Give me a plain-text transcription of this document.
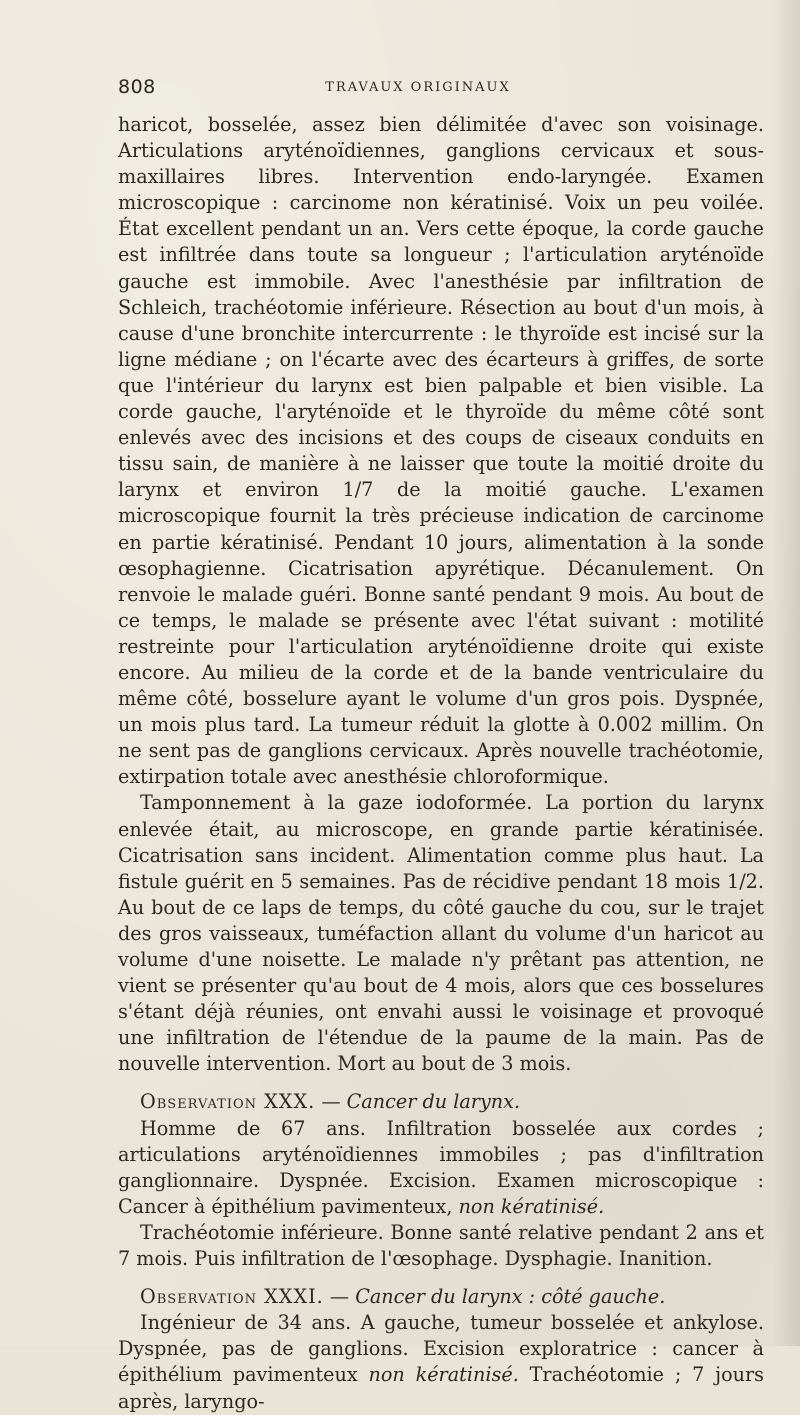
808	TRAVAUX ORIGINAUX

haricot, bosselée, assez bien délimitée d'avec son voisinage. Articulations aryténoïdiennes, ganglions cervicaux et sous-maxillaires libres. Intervention endo-laryngée. Examen microscopique : carcinome non kératinisé. Voix un peu voilée. État excellent pendant un an. Vers cette époque, la corde gauche est infiltrée dans toute sa longueur ; l'articulation aryténoïde gauche est immobile. Avec l'anesthésie par infiltration de Schleich, trachéotomie inférieure. Résection au bout d'un mois, à cause d'une bronchite intercurrente : le thyroïde est incisé sur la ligne médiane ; on l'écarte avec des écarteurs à griffes, de sorte que l'intérieur du larynx est bien palpable et bien visible. La corde gauche, l'aryténoïde et le thyroïde du même côté sont enlevés avec des incisions et des coups de ciseaux conduits en tissu sain, de manière à ne laisser que toute la moitié droite du larynx et environ 1/7 de la moitié gauche. L'examen microscopique fournit la très précieuse indication de carcinome en partie kératinisé. Pendant 10 jours, alimentation à la sonde œsophagienne. Cicatrisation apyrétique. Décanulement. On renvoie le malade guéri. Bonne santé pendant 9 mois. Au bout de ce temps, le malade se présente avec l'état suivant : motilité restreinte pour l'articulation aryténoïdienne droite qui existe encore. Au milieu de la corde et de la bande ventriculaire du même côté, bosselure ayant le volume d'un gros pois. Dyspnée, un mois plus tard. La tumeur réduit la glotte à 0.002 millim. On ne sent pas de ganglions cervicaux. Après nouvelle trachéotomie, extirpation totale avec anesthésie chloroformique.

Tamponnement à la gaze iodoformée. La portion du larynx enlevée était, au microscope, en grande partie kératinisée. Cicatrisation sans incident. Alimentation comme plus haut. La fistule guérit en 5 semaines. Pas de récidive pendant 18 mois 1/2. Au bout de ce laps de temps, du côté gauche du cou, sur le trajet des gros vaisseaux, tuméfaction allant du volume d'un haricot au volume d'une noisette. Le malade n'y prêtant pas attention, ne vient se présenter qu'au bout de 4 mois, alors que ces bosselures s'étant déjà réunies, ont envahi aussi le voisinage et provoqué une infiltration de l'étendue de la paume de la main. Pas de nouvelle intervention. Mort au bout de 3 mois.

Observation XXX. — Cancer du larynx.

Homme de 67 ans. Infiltration bosselée aux cordes ; articulations aryténoïdiennes immobiles ; pas d'infiltration ganglionnaire. Dyspnée. Excision. Examen microscopique : Cancer à épithélium pavimenteux, non kératinisé.

Trachéotomie inférieure. Bonne santé relative pendant 2 ans et 7 mois. Puis infiltration de l'œsophage. Dysphagie. Inanition.

Observation XXXI. — Cancer du larynx : côté gauche.

Ingénieur de 34 ans. A gauche, tumeur bosselée et ankylose. Dyspnée, pas de ganglions. Excision exploratrice : cancer à épithélium pavimenteux non kératinisé. Trachéotomie ; 7 jours après, laryngo-
